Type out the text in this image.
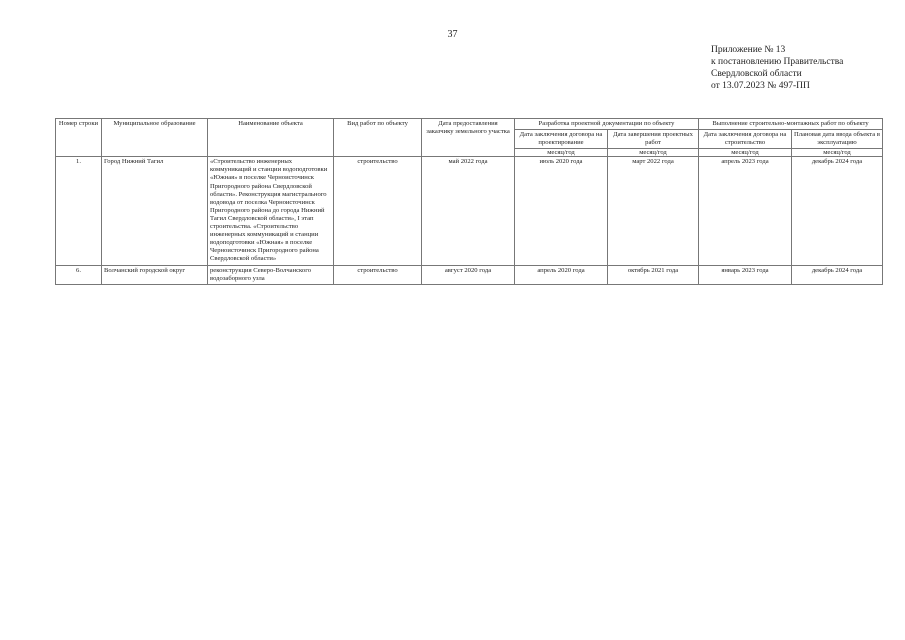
37
Приложение № 13
к постановлению Правительства
Свердловской области
от 13.07.2023 № 497-ПП
Номер строки	Муниципальное образование	Наименование объекта	Вид работ по объекту	Дата предоставления заказчику земельного участка	Разработка проектной документации по объекту		Выполнение строительно-монтажных работ по объекту	
					Дата заключения договора на проектирование	Дата завершения проектных работ	Дата заключения договора на строительство	Плановая дата ввода объекта в эксплуатацию
					месяц/год	месяц/год	месяц/год	месяц/год
1.	Город Нижний Тагил	«Строительство инженерных коммуникаций и станции водоподготовки «Южная» в поселке Черноисточинск Пригородного района Свердловской области». Реконструкция магистрального водовода от поселка Черноисточинск Пригородного района до города Нижний Тагил Свердловской области», I этап строительства. «Строительство инженерных коммуникаций и станции водоподготовки «Южная» в поселке Черноисточинск Пригородного района Свердловской области»	строительство	май 2022 года	июль 2020 года	март 2022 года	апрель 2023 года	декабрь 2024 года
6.	Волчанский городской округ	реконструкция Северо-Волчанского водозаборного узла	строительство	август 2020 года	апрель 2020 года	октябрь 2021 года	январь 2023 года	декабрь 2024 года
